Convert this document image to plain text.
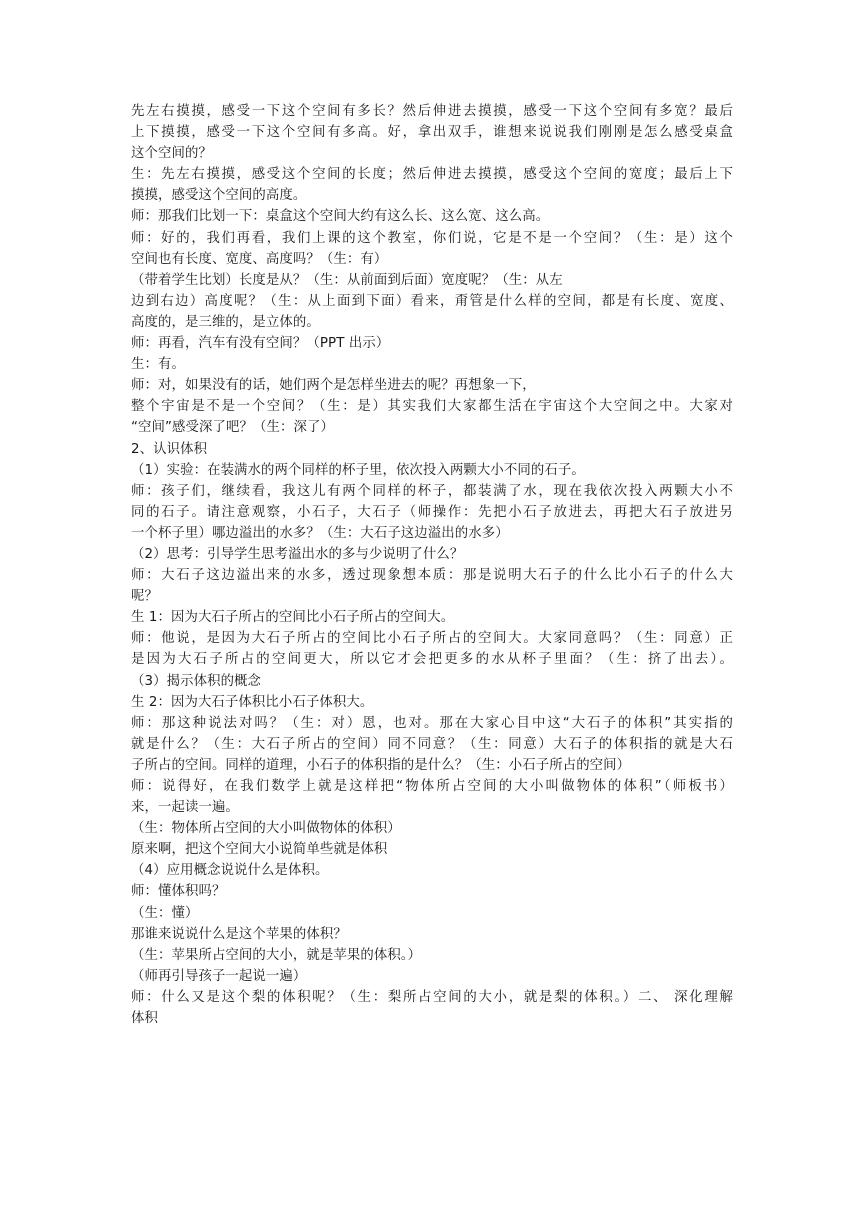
先左右摸摸，感受一下这个空间有多长？然后伸进去摸摸，感受一下这个空间有多宽？最后
上下摸摸，感受一下这个空间有多高。好，拿出双手，谁想来说说我们刚刚是怎么感受桌盒
这个空间的？
生：先左右摸摸，感受这个空间的长度；然后伸进去摸摸，感受这个空间的宽度；最后上下
摸摸，感受这个空间的高度。
师：那我们比划一下：桌盒这个空间大约有这么长、这么宽、这么高。
师：好的，我们再看，我们上课的这个教室，你们说，它是不是一个空间？（生：是）这个
空间也有长度、宽度、高度吗？（生：有）
（带着学生比划）长度是从？（生：从前面到后面）宽度呢？（生：从左
边到右边）高度呢？（生：从上面到下面）看来，甭管是什么样的空间，都是有长度、宽度、
高度的，是三维的，是立体的。
师：再看，汽车有没有空间？（PPT 出示）
生：有。
师：对，如果没有的话，她们两个是怎样坐进去的呢？再想象一下，
整个宇宙是不是一个空间？（生：是）其实我们大家都生活在宇宙这个大空间之中。大家对
“空间”感受深了吧？（生：深了）
2、认识体积
（1）实验：在装满水的两个同样的杯子里，依次投入两颗大小不同的石子。
师：孩子们，继续看，我这儿有两个同样的杯子，都装满了水，现在我依次投入两颗大小不
同的石子。请注意观察，小石子，大石子（师操作：先把小石子放进去，再把大石子放进另
一个杯子里）哪边溢出的水多？（生：大石子这边溢出的水多）
（2）思考：引导学生思考溢出水的多与少说明了什么？
师：大石子这边溢出来的水多，透过现象想本质：那是说明大石子的什么比小石子的什么大
呢？
生 1：因为大石子所占的空间比小石子所占的空间大。
师：他说，是因为大石子所占的空间比小石子所占的空间大。大家同意吗？（生：同意）正
是因为大石子所占的空间更大，所以它才会把更多的水从杯子里面？（生：挤了出去）。
（3）揭示体积的概念
生 2：因为大石子体积比小石子体积大。
师：那这种说法对吗？（生：对）恩，也对。那在大家心目中这“大石子的体积”其实指的
就是什么？（生：大石子所占的空间）同不同意？（生：同意）大石子的体积指的就是大石
子所占的空间。同样的道理，小石子的体积指的是什么？（生：小石子所占的空间）
师：说得好，在我们数学上就是这样把“物体所占空间的大小叫做物体的体积”（师板书）
来，一起读一遍。
（生：物体所占空间的大小叫做物体的体积）
原来啊，把这个空间大小说简单些就是体积
（4）应用概念说说什么是体积。
师：懂体积吗？
（生：懂）
那谁来说说什么是这个苹果的体积？
（生：苹果所占空间的大小，就是苹果的体积。）
（师再引导孩子一起说一遍）
师：什么又是这个梨的体积呢？（生：梨所占空间的大小，就是梨的体积。）二、 深化理解
体积
